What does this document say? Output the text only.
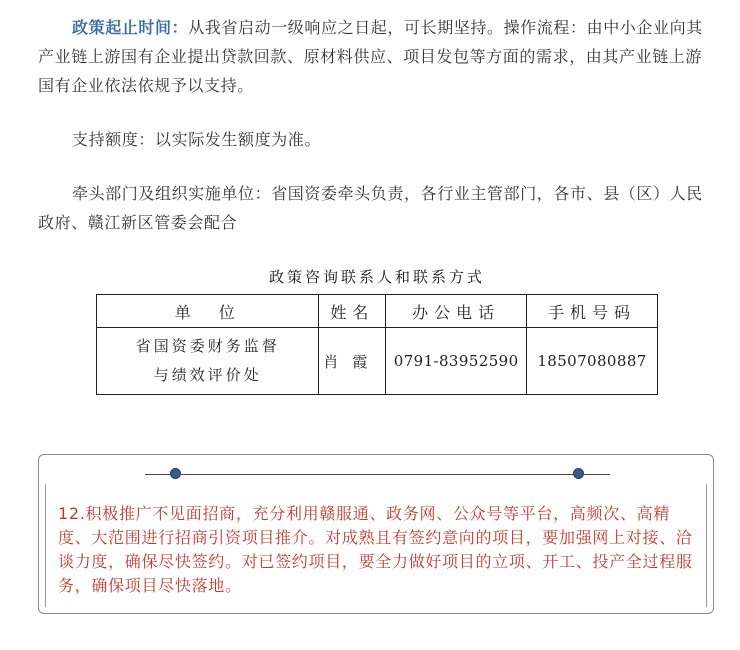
政策起止时间：从我省启动一级响应之日起，可长期坚持。操作流程：由中小企业向其产业链上游国有企业提出贷款回款、原材料供应、项目发包等方面的需求，由其产业链上游国有企业依法依规予以支持。

支持额度：以实际发生额度为准。

牵头部门及组织实施单位：省国资委牵头负责，各行业主管部门，各市、县（区）人民政府、赣江新区管委会配合

政策咨询联系人和联系方式
单　位	姓名	办公电话	手机号码

省国资委财务监督
与绩效评价处	肖霞	0791-83952590	18507080887

12.积极推广不见面招商，充分利用赣服通、政务网、公众号等平台，高频次、高精度、大范围进行招商引资项目推介。对成熟且有签约意向的项目，要加强网上对接、洽谈力度，确保尽快签约。对已签约项目，要全力做好项目的立项、开工、投产全过程服务，确保项目尽快落地。
